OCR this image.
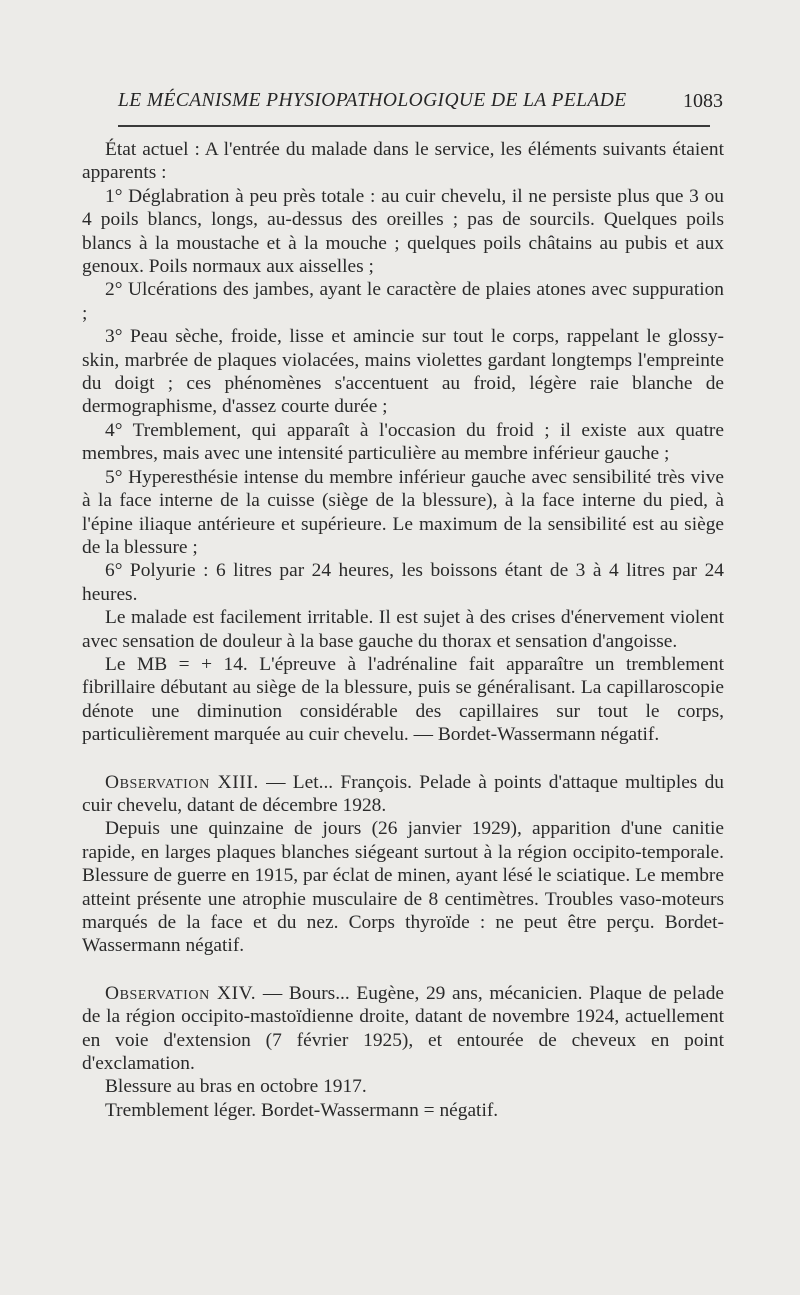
LE MÉCANISME PHYSIOPATHOLOGIQUE DE LA PELADE	1083

État actuel : A l'entrée du malade dans le service, les éléments suivants étaient apparents :

1° Déglabration à peu près totale : au cuir chevelu, il ne persiste plus que 3 ou 4 poils blancs, longs, au-dessus des oreilles ; pas de sourcils. Quelques poils blancs à la moustache et à la mouche ; quelques poils châtains au pubis et aux genoux. Poils normaux aux aisselles ;

2° Ulcérations des jambes, ayant le caractère de plaies atones avec suppuration ;

3° Peau sèche, froide, lisse et amincie sur tout le corps, rappelant le glossy-skin, marbrée de plaques violacées, mains violettes gardant longtemps l'empreinte du doigt ; ces phénomènes s'accentuent au froid, légère raie blanche de dermographisme, d'assez courte durée ;

4° Tremblement, qui apparaît à l'occasion du froid ; il existe aux quatre membres, mais avec une intensité particulière au membre inférieur gauche ;

5° Hyperesthésie intense du membre inférieur gauche avec sensibilité très vive à la face interne de la cuisse (siège de la blessure), à la face interne du pied, à l'épine iliaque antérieure et supérieure. Le maximum de la sensibilité est au siège de la blessure ;

6° Polyurie : 6 litres par 24 heures, les boissons étant de 3 à 4 litres par 24 heures.

Le malade est facilement irritable. Il est sujet à des crises d'énervement violent avec sensation de douleur à la base gauche du thorax et sensation d'angoisse.

Le MB = + 14. L'épreuve à l'adrénaline fait apparaître un tremblement fibrillaire débutant au siège de la blessure, puis se généralisant. La capillaroscopie dénote une diminution considérable des capillaires sur tout le corps, particulièrement marquée au cuir chevelu. — Bordet-Wassermann négatif.

Observation XIII. — Let... François. Pelade à points d'attaque multiples du cuir chevelu, datant de décembre 1928.

Depuis une quinzaine de jours (26 janvier 1929), apparition d'une canitie rapide, en larges plaques blanches siégeant surtout à la région occipito-temporale. Blessure de guerre en 1915, par éclat de minen, ayant lésé le sciatique. Le membre atteint présente une atrophie musculaire de 8 centimètres. Troubles vaso-moteurs marqués de la face et du nez. Corps thyroïde : ne peut être perçu. Bordet-Wassermann négatif.

Observation XIV. — Bours... Eugène, 29 ans, mécanicien. Plaque de pelade de la région occipito-mastoïdienne droite, datant de novembre 1924, actuellement en voie d'extension (7 février 1925), et entourée de cheveux en point d'exclamation.

Blessure au bras en octobre 1917.

Tremblement léger. Bordet-Wassermann = négatif.
